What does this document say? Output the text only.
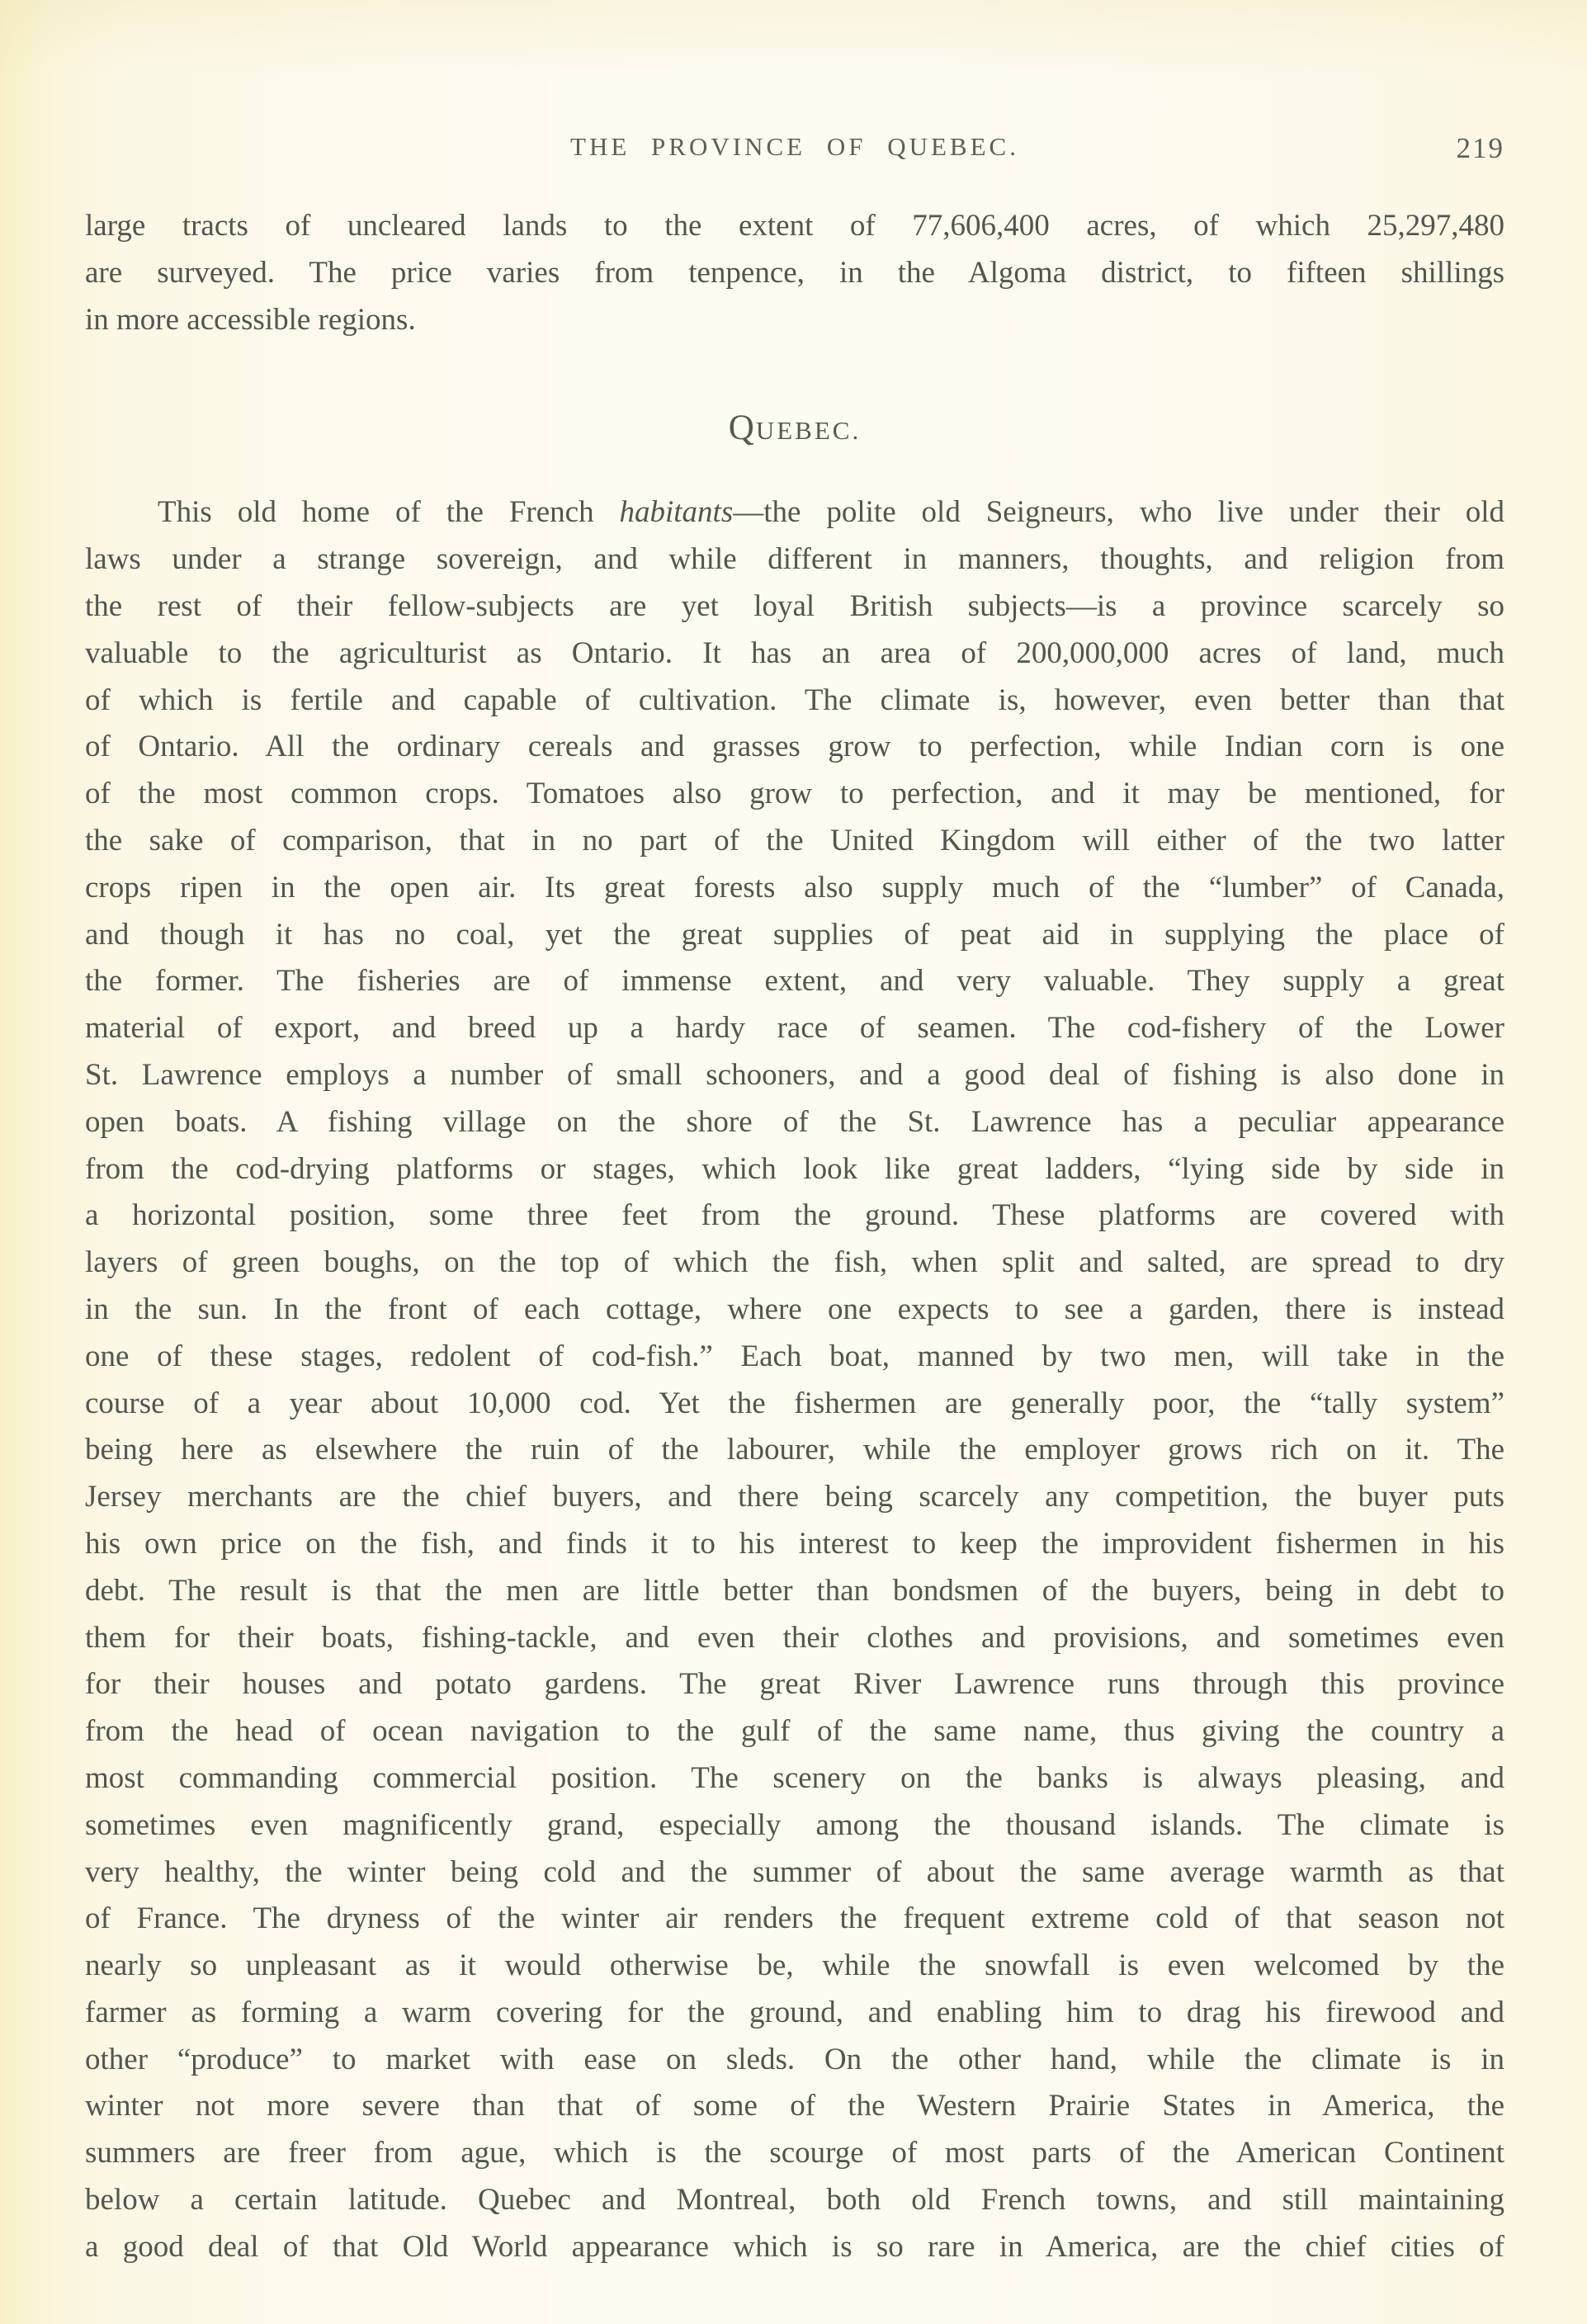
THE PROVINCE OF QUEBEC.	219
large tracts of uncleared lands to the extent of 77,606,400 acres, of which 25,297,480
are surveyed. The price varies from tenpence, in the Algoma district, to fifteen shillings
in more accessible regions.
QUEBEC.
This old home of the French habitants—the polite old Seigneurs, who live under their old
laws under a strange sovereign, and while different in manners, thoughts, and religion from
the rest of their fellow-subjects are yet loyal British subjects—is a province scarcely so
valuable to the agriculturist as Ontario. It has an area of 200,000,000 acres of land, much
of which is fertile and capable of cultivation. The climate is, however, even better than that
of Ontario. All the ordinary cereals and grasses grow to perfection, while Indian corn is one
of the most common crops. Tomatoes also grow to perfection, and it may be mentioned, for
the sake of comparison, that in no part of the United Kingdom will either of the two latter
crops ripen in the open air. Its great forests also supply much of the “lumber” of Canada,
and though it has no coal, yet the great supplies of peat aid in supplying the place of
the former. The fisheries are of immense extent, and very valuable. They supply a great
material of export, and breed up a hardy race of seamen. The cod-fishery of the Lower
St. Lawrence employs a number of small schooners, and a good deal of fishing is also done in
open boats. A fishing village on the shore of the St. Lawrence has a peculiar appearance
from the cod-drying platforms or stages, which look like great ladders, “lying side by side in
a horizontal position, some three feet from the ground. These platforms are covered with
layers of green boughs, on the top of which the fish, when split and salted, are spread to dry
in the sun. In the front of each cottage, where one expects to see a garden, there is instead
one of these stages, redolent of cod-fish.” Each boat, manned by two men, will take in the
course of a year about 10,000 cod. Yet the fishermen are generally poor, the “tally system”
being here as elsewhere the ruin of the labourer, while the employer grows rich on it. The
Jersey merchants are the chief buyers, and there being scarcely any competition, the buyer puts
his own price on the fish, and finds it to his interest to keep the improvident fishermen in his
debt. The result is that the men are little better than bondsmen of the buyers, being in debt to
them for their boats, fishing-tackle, and even their clothes and provisions, and sometimes even
for their houses and potato gardens. The great River Lawrence runs through this province
from the head of ocean navigation to the gulf of the same name, thus giving the country a
most commanding commercial position. The scenery on the banks is always pleasing, and
sometimes even magnificently grand, especially among the thousand islands. The climate is
very healthy, the winter being cold and the summer of about the same average warmth as that
of France. The dryness of the winter air renders the frequent extreme cold of that season not
nearly so unpleasant as it would otherwise be, while the snowfall is even welcomed by the
farmer as forming a warm covering for the ground, and enabling him to drag his firewood and
other “produce” to market with ease on sleds. On the other hand, while the climate is in
winter not more severe than that of some of the Western Prairie States in America, the
summers are freer from ague, which is the scourge of most parts of the American Continent
below a certain latitude. Quebec and Montreal, both old French towns, and still maintaining
a good deal of that Old World appearance which is so rare in America, are the chief cities of
